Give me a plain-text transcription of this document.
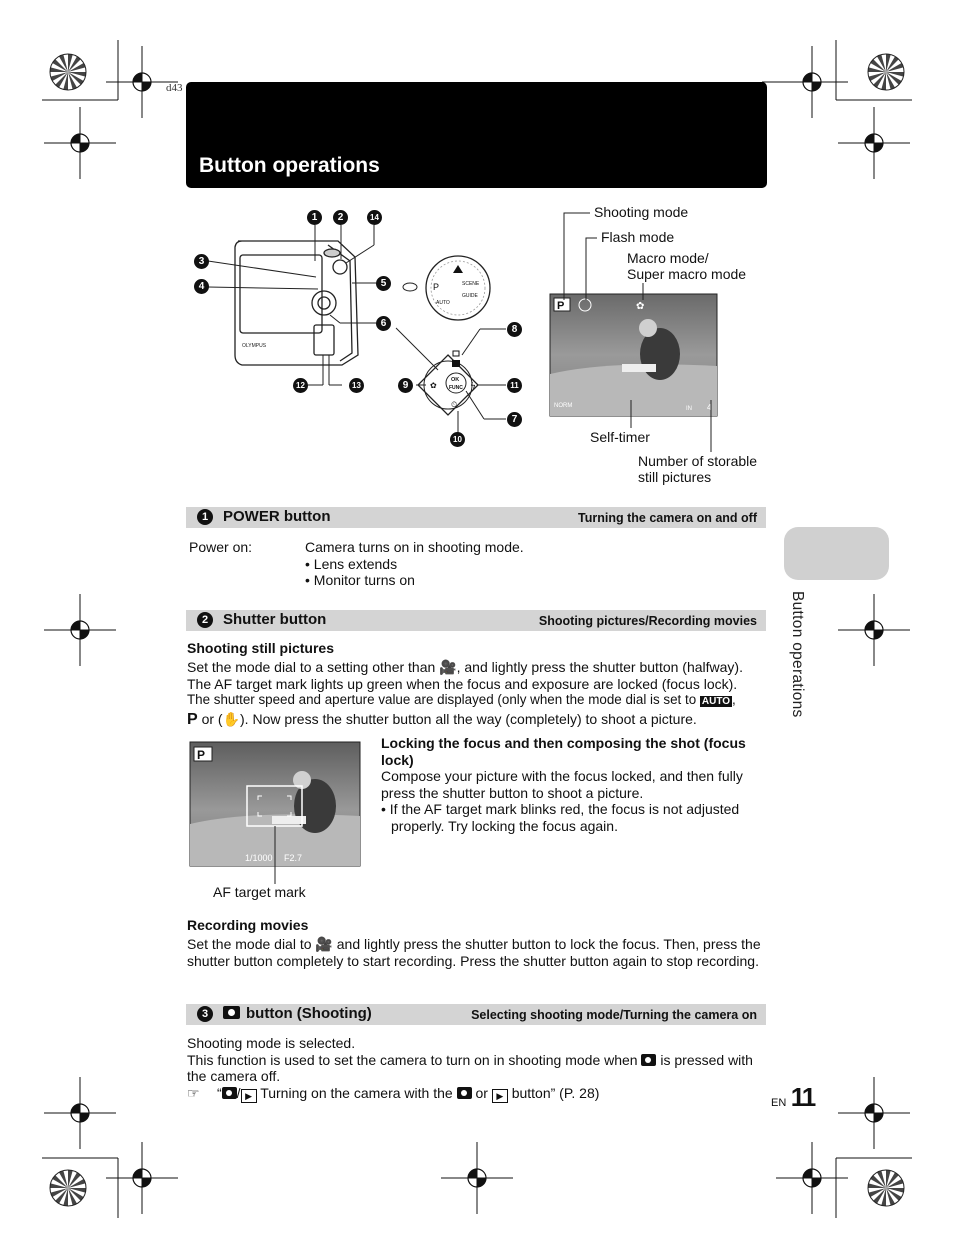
d43
Button operations
OLYMPUS
P
AUTO
SCENE
GUIDE
OK
FUNC
✿	ϟ
⏲
1	2	14
3
4	5
6
8
9	11
7
10
12	13
P	✿
NORM	IN 4
Shooting mode
Flash mode
Macro mode/
Super macro mode
Self-timer
Number of storable
still pictures
1 POWER button	Turning the camera on and off
Power on:	Camera turns on in shooting mode.
• Lens extends
• Monitor turns on
2 Shutter button	Shooting pictures/Recording movies
Shooting still pictures
Set the mode dial to a setting other than 🎥, and lightly press the shutter button (halfway).
The AF target mark lights up green when the focus and exposure are locked (focus lock).
The shutter speed and aperture value are displayed (only when the mode dial is set to AUTO ,
P or (✋). Now press the shutter button all the way (completely) to shoot a picture.
P
1/1000 F2.7
AF target mark
Locking the focus and then composing the shot (focus lock)
Compose your picture with the focus locked, and then fully press the shutter button to shoot a picture.
• If the AF target mark blinks red, the focus is not adjusted properly. Try locking the focus again.
Recording movies
Set the mode dial to 🎥 and lightly press the shutter button to lock the focus. Then, press the shutter button completely to start recording. Press the shutter button again to stop recording.
3	button (Shooting)	Selecting shooting mode/Turning the camera on
Shooting mode is selected.
This function is used to set the camera to turn on in shooting mode when is pressed with the camera off.
☞ “ / ▶ Turning on the camera with the or ▶ button” (P. 28)
Button operations
EN 11
